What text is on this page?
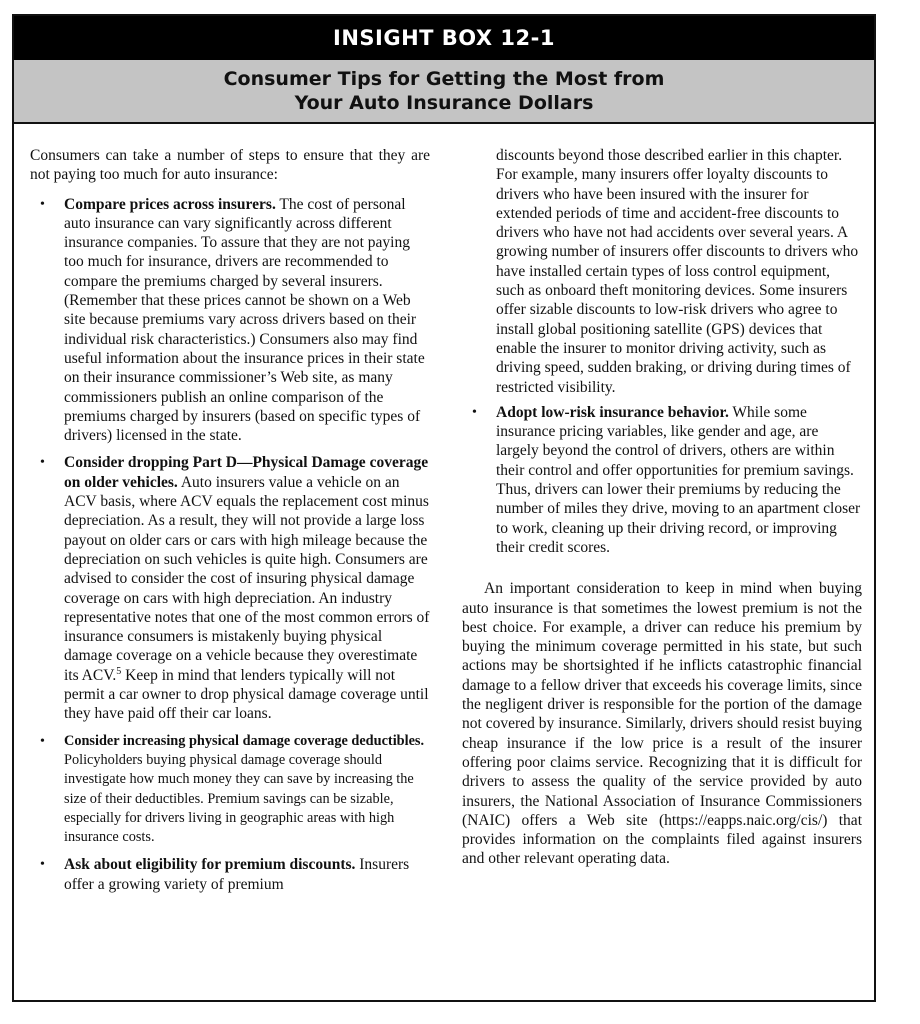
INSIGHT BOX 12-1
Consumer Tips for Getting the Most from
Your Auto Insurance Dollars

Consumers can take a number of steps to ensure that they are not paying too much for auto insurance:

• Compare prices across insurers. The cost of personal auto insurance can vary significantly across different insurance companies. To assure that they are not paying too much for insurance, drivers are recommended to compare the premiums charged by several insurers. (Remember that these prices cannot be shown on a Web site because premiums vary across drivers based on their individual risk characteristics.) Consumers also may find useful information about the insurance prices in their state on their insurance commissioner’s Web site, as many commissioners publish an online comparison of the premiums charged by insurers (based on specific types of drivers) licensed in the state.
• Consider dropping Part D—Physical Damage coverage on older vehicles. Auto insurers value a vehicle on an ACV basis, where ACV equals the replacement cost minus depreciation. As a result, they will not provide a large loss payout on older cars or cars with high mileage because the depreciation on such vehicles is quite high. Consumers are advised to consider the cost of insuring physical damage coverage on cars with high depreciation. An industry representative notes that one of the most common errors of insurance consumers is mistakenly buying physical damage coverage on a vehicle because they overestimate its ACV.$^5$ Keep in mind that lenders typically will not permit a car owner to drop physical damage coverage until they have paid off their car loans.
• Consider increasing physical damage coverage deductibles. Policyholders buying physical damage coverage should investigate how much money they can save by increasing the size of their deductibles. Premium savings can be sizable, especially for drivers living in geographic areas with high insurance costs.
• Ask about eligibility for premium discounts. Insurers offer a growing variety of premium

discounts beyond those described earlier in this chapter. For example, many insurers offer loyalty discounts to drivers who have been insured with the insurer for extended periods of time and accident-free discounts to drivers who have not had accidents over several years. A growing number of insurers offer discounts to drivers who have installed certain types of loss control equipment, such as onboard theft monitoring devices. Some insurers offer sizable discounts to low-risk drivers who agree to install global positioning satellite (GPS) devices that enable the insurer to monitor driving activity, such as driving speed, sudden braking, or driving during times of restricted visibility.

• Adopt low-risk insurance behavior. While some insurance pricing variables, like gender and age, are largely beyond the control of drivers, others are within their control and offer opportunities for premium savings. Thus, drivers can lower their premiums by reducing the number of miles they drive, moving to an apartment closer to work, cleaning up their driving record, or improving their credit scores.

An important consideration to keep in mind when buying auto insurance is that sometimes the lowest premium is not the best choice. For example, a driver can reduce his premium by buying the minimum coverage permitted in his state, but such actions may be shortsighted if he inflicts catastrophic financial damage to a fellow driver that exceeds his coverage limits, since the negligent driver is responsible for the portion of the damage not covered by insurance. Similarly, drivers should resist buying cheap insurance if the low price is a result of the insurer offering poor claims service. Recognizing that it is difficult for drivers to assess the quality of the service provided by auto insurers, the National Association of Insurance Commissioners (NAIC) offers a Web site (https://eapps.naic.org/cis/) that provides information on the complaints filed against insurers and other relevant operating data.
